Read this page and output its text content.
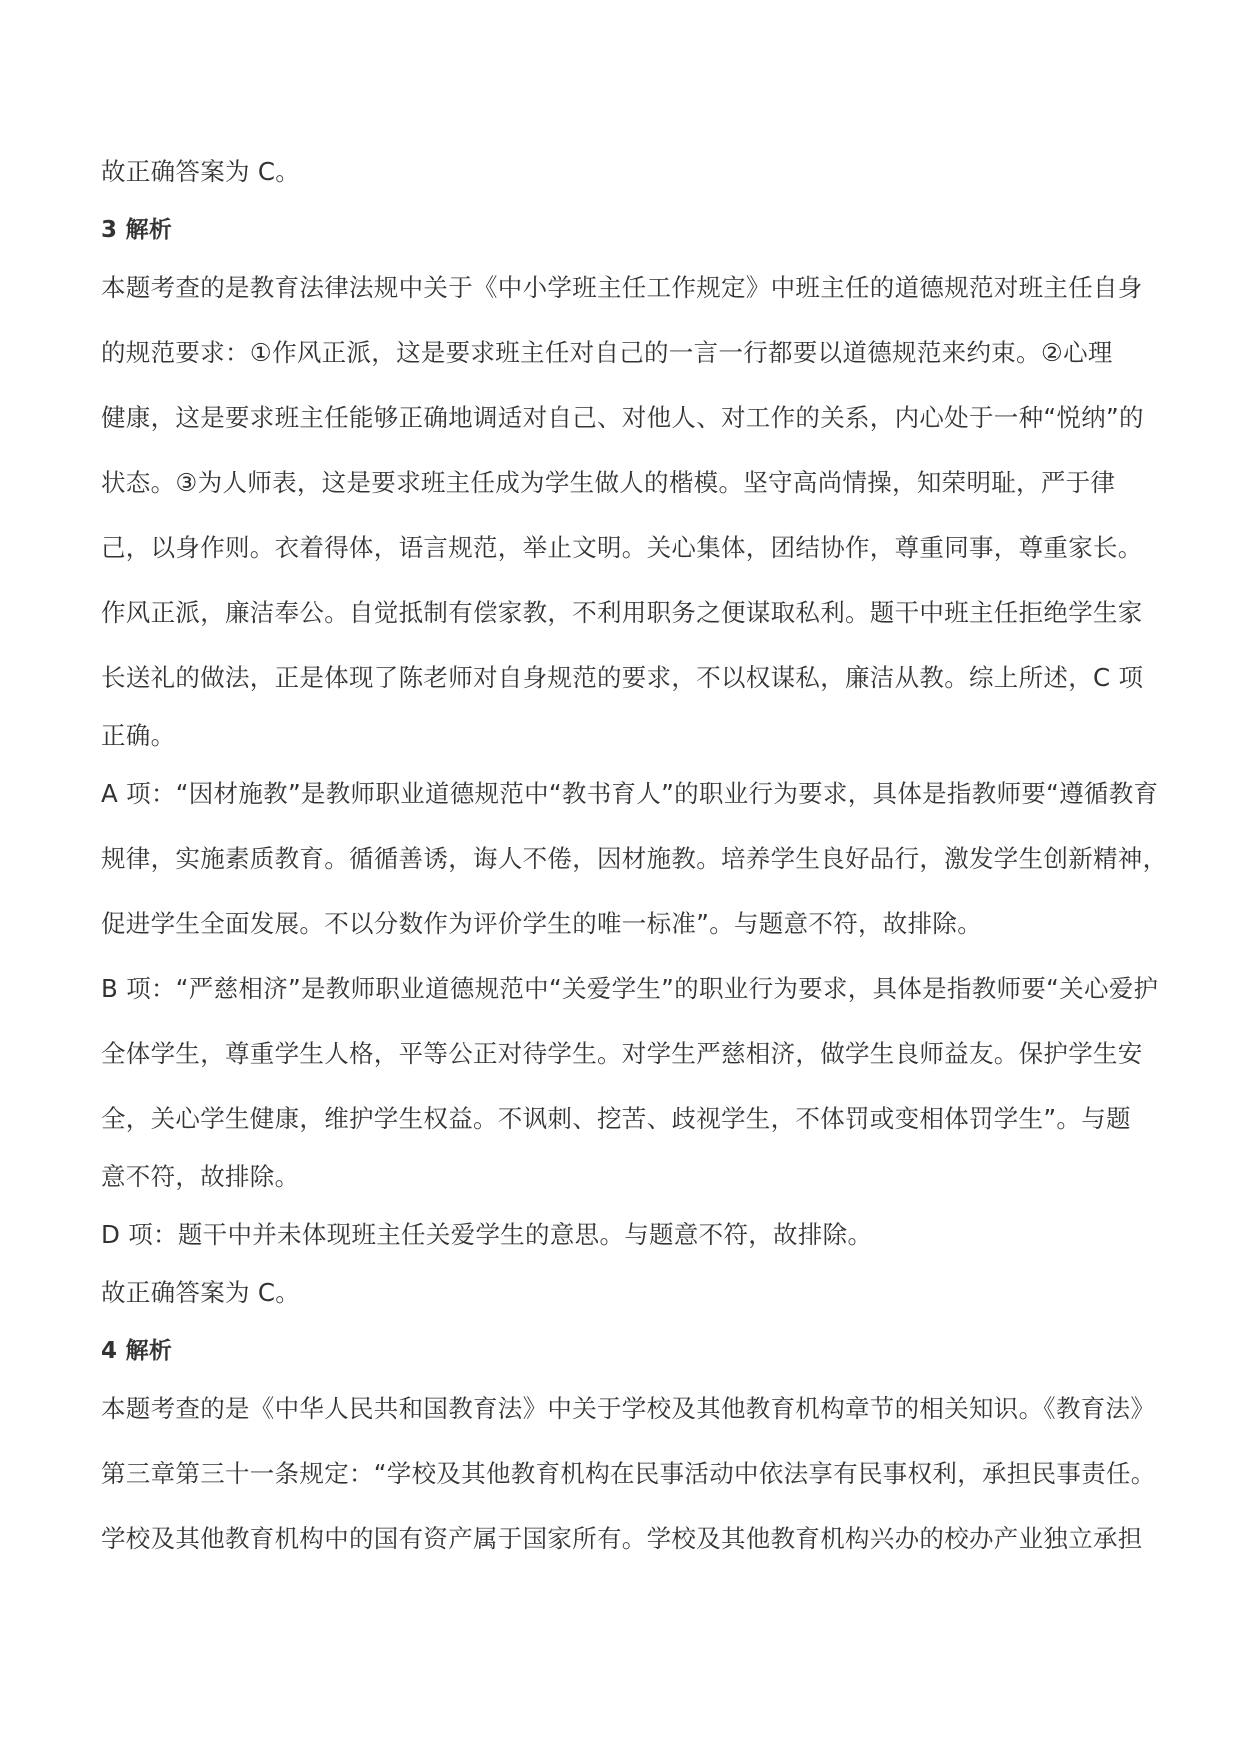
故正确答案为 C。
3 解析
本题考查的是教育法律法规中关于《中小学班主任工作规定》中班主任的道德规范对班主任自身
的规范要求：①作风正派，这是要求班主任对自己的一言一行都要以道德规范来约束。②心理
健康，这是要求班主任能够正确地调适对自己、对他人、对工作的关系，内心处于一种“悦纳”的
状态。③为人师表，这是要求班主任成为学生做人的楷模。坚守高尚情操，知荣明耻，严于律
己，以身作则。衣着得体，语言规范，举止文明。关心集体，团结协作，尊重同事，尊重家长。
作风正派，廉洁奉公。自觉抵制有偿家教，不利用职务之便谋取私利。题干中班主任拒绝学生家
长送礼的做法，正是体现了陈老师对自身规范的要求，不以权谋私，廉洁从教。综上所述，C 项
正确。
A 项：“因材施教”是教师职业道德规范中“教书育人”的职业行为要求，具体是指教师要“遵循教育
规律，实施素质教育。循循善诱，诲人不倦，因材施教。培养学生良好品行，激发学生创新精神，
促进学生全面发展。不以分数作为评价学生的唯一标准”。与题意不符，故排除。
B 项：“严慈相济”是教师职业道德规范中“关爱学生”的职业行为要求，具体是指教师要“关心爱护
全体学生，尊重学生人格，平等公正对待学生。对学生严慈相济，做学生良师益友。保护学生安
全，关心学生健康，维护学生权益。不讽刺、挖苦、歧视学生，不体罚或变相体罚学生”。与题
意不符，故排除。
D 项：题干中并未体现班主任关爱学生的意思。与题意不符，故排除。
故正确答案为 C。
4 解析
本题考查的是《中华人民共和国教育法》中关于学校及其他教育机构章节的相关知识。《教育法》
第三章第三十一条规定：“学校及其他教育机构在民事活动中依法享有民事权利，承担民事责任。
学校及其他教育机构中的国有资产属于国家所有。学校及其他教育机构兴办的校办产业独立承担
